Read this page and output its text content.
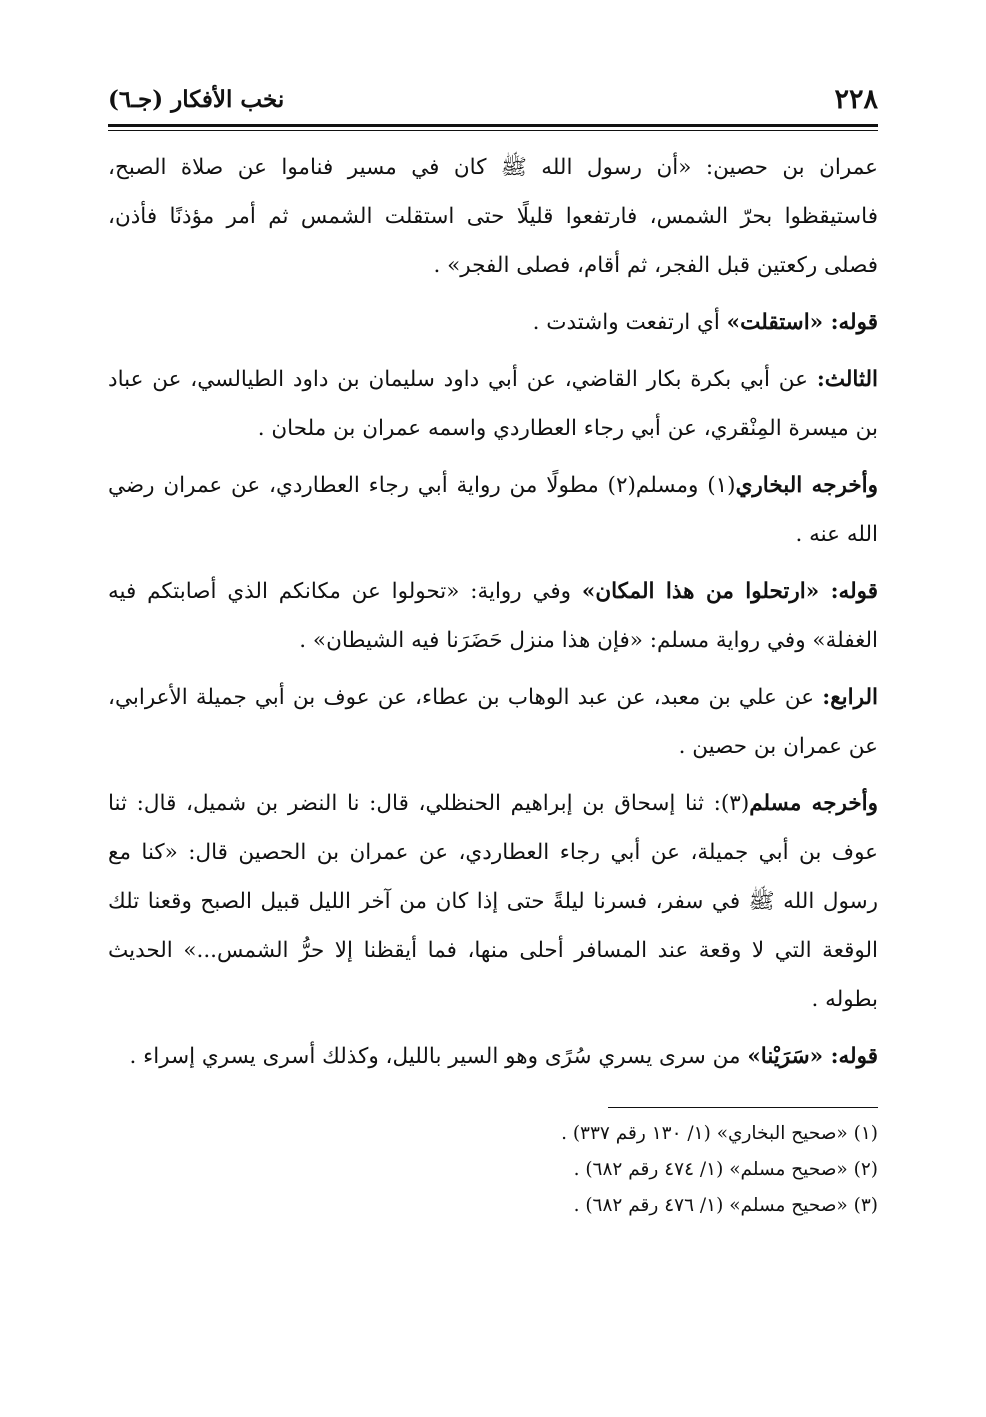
٢٢٨
نخب الأفكار (جـ٦)

عمران بن حصين: «أن رسول الله ﷺ كان في مسير فناموا عن صلاة الصبح، فاستيقظوا بحرّ الشمس، فارتفعوا قليلًا حتى استقلت الشمس ثم أمر مؤذنًا فأذن، فصلى ركعتين قبل الفجر، ثم أقام، فصلى الفجر» .

قوله: «استقلت» أي ارتفعت واشتدت .

الثالث: عن أبي بكرة بكار القاضي، عن أبي داود سليمان بن داود الطيالسي، عن عباد بن ميسرة المِنْقري، عن أبي رجاء العطاردي واسمه عمران بن ملحان .

وأخرجه البخاري(١) ومسلم(٢) مطولًا من رواية أبي رجاء العطاردي، عن عمران رضي الله عنه .

قوله: «ارتحلوا من هذا المكان» وفي رواية: «تحولوا عن مكانكم الذي أصابتكم فيه الغفلة» وفي رواية مسلم: «فإن هذا منزل حَضَرَنا فيه الشيطان» .

الرابع: عن علي بن معبد، عن عبد الوهاب بن عطاء، عن عوف بن أبي جميلة الأعرابي، عن عمران بن حصين .

وأخرجه مسلم(٣): ثنا إسحاق بن إبراهيم الحنظلي، قال: نا النضر بن شميل، قال: ثنا عوف بن أبي جميلة، عن أبي رجاء العطاردي، عن عمران بن الحصين قال: «كنا مع رسول الله ﷺ في سفر، فسرنا ليلةً حتى إذا كان من آخر الليل قبيل الصبح وقعنا تلك الوقعة التي لا وقعة عند المسافر أحلى منها، فما أيقظنا إلا حرُّ الشمس...» الحديث بطوله .

قوله: «سَرَيْنا» من سرى يسري سُرًى وهو السير بالليل، وكذلك أسرى يسري إسراء .

(١) «صحيح البخاري» (١/ ١٣٠ رقم ٣٣٧) .

(٢) «صحيح مسلم» (١/ ٤٧٤ رقم ٦٨٢) .

(٣) «صحيح مسلم» (١/ ٤٧٦ رقم ٦٨٢) .
